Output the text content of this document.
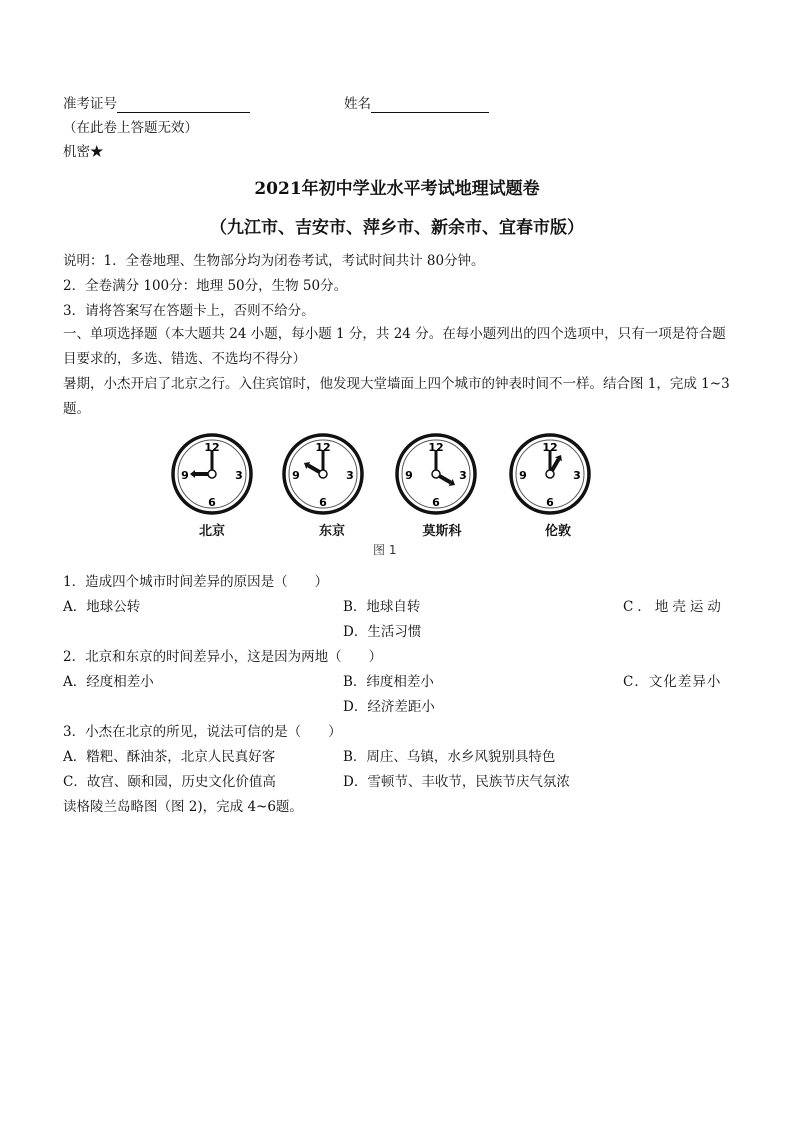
准考证号	姓名
（在此卷上答题无效）
机密★
2021年初中学业水平考试地理试题卷
（九江市、吉安市、萍乡市、新余市、宜春市版）
说明：1．全卷地理、生物部分均为闭卷考试，考试时间共计 80分钟。
2．全卷满分 100分：地理 50分，生物 50分。
3．请将答案写在答题卡上，否则不给分。
一、单项选择题（本大题共 24 小题，每小题 1 分，共 24 分。在每小题列出的四个选项中，只有一项是符合题目要求的，多选、错选、不选均不得分）
暑期，小杰开启了北京之行。入住宾馆时，他发现大堂墙面上四个城市的钟表时间不一样。结合图 1，完成 1~3题。
12
3
6
9
12
3
6
9
12
3
6
9
12
3
6
9
北京	东京	莫斯科	伦敦
图 1
1．造成四个城市时间差异的原因是（　　）
A．地球公转	B．地球自转	C．地壳运动
D．生活习惯
2．北京和东京的时间差异小，这是因为两地（　　）
A．经度相差小	B．纬度相差小	C．文化差异小
D．经济差距小
3．小杰在北京的所见，说法可信的是（　　）
A．糌粑、酥油茶，北京人民真好客	B．周庄、乌镇，水乡风貌别具特色
C．故宫、颐和园，历史文化价值高	D．雪顿节、丰收节，民族节庆气氛浓
读格陵兰岛略图（图 2)，完成 4~6题。
